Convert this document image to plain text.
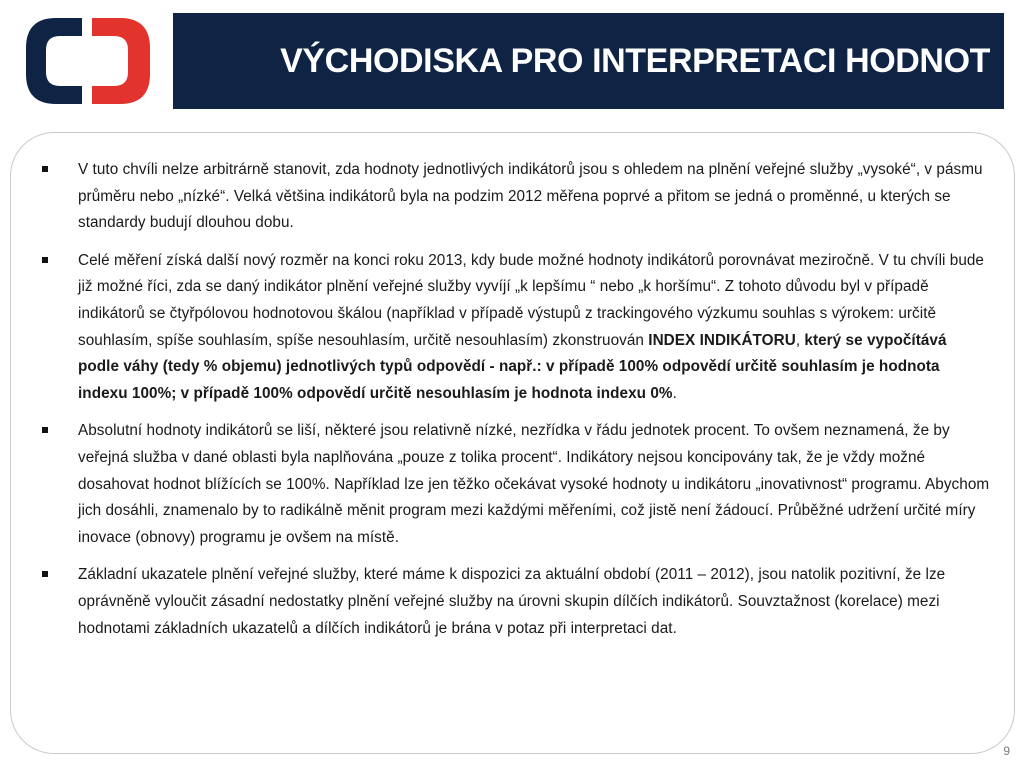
VÝCHODISKA PRO INTERPRETACI HODNOT
V tuto chvíli nelze arbitrárně stanovit, zda hodnoty jednotlivých indikátorů jsou s ohledem na plnění veřejné služby „vysoké“, v pásmu průměru nebo „nízké“. Velká většina indikátorů byla na podzim 2012 měřena poprvé a přitom se jedná o proměnné, u kterých se standardy budují dlouhou dobu.
Celé měření získá další nový rozměr na konci roku 2013, kdy bude možné hodnoty indikátorů porovnávat meziročně. V tu chvíli bude již možné říci, zda se daný indikátor plnění veřejné služby vyvíjí „k lepšímu “ nebo „k horšímu“. Z tohoto důvodu byl v případě indikátorů se čtyřpólovou hodnotovou škálou (například v případě výstupů z trackingového výzkumu souhlas s výrokem: určitě souhlasím, spíše souhlasím, spíše nesouhlasím, určitě nesouhlasím) zkonstruován INDEX INDIKÁTORU, který se vypočítává podle váhy (tedy % objemu) jednotlivých typů odpovědí - např.: v případě 100% odpovědí určitě souhlasím je hodnota indexu 100%; v případě 100% odpovědí určitě nesouhlasím je hodnota indexu 0%.
Absolutní hodnoty indikátorů se liší, některé jsou relativně nízké, nezřídka v řádu jednotek procent. To ovšem neznamená, že by veřejná služba v dané oblasti byla naplňována „pouze z tolika procent“. Indikátory nejsou koncipovány tak, že je vždy možné dosahovat hodnot blížících se 100%. Například lze jen těžko očekávat vysoké hodnoty u indikátoru „inovativnost“ programu. Abychom jich dosáhli, znamenalo by to radikálně měnit program mezi každými měřeními, což jistě není žádoucí. Průběžné udržení určité míry inovace (obnovy) programu je ovšem na místě.
Základní ukazatele plnění veřejné služby, které máme k dispozici za aktuální období (2011 – 2012), jsou natolik pozitivní, že lze oprávněně vyloučit zásadní nedostatky plnění veřejné služby na úrovni skupin dílčích indikátorů. Souvztažnost (korelace) mezi hodnotami základních ukazatelů a dílčích indikátorů je brána v potaz při interpretaci dat.
9
